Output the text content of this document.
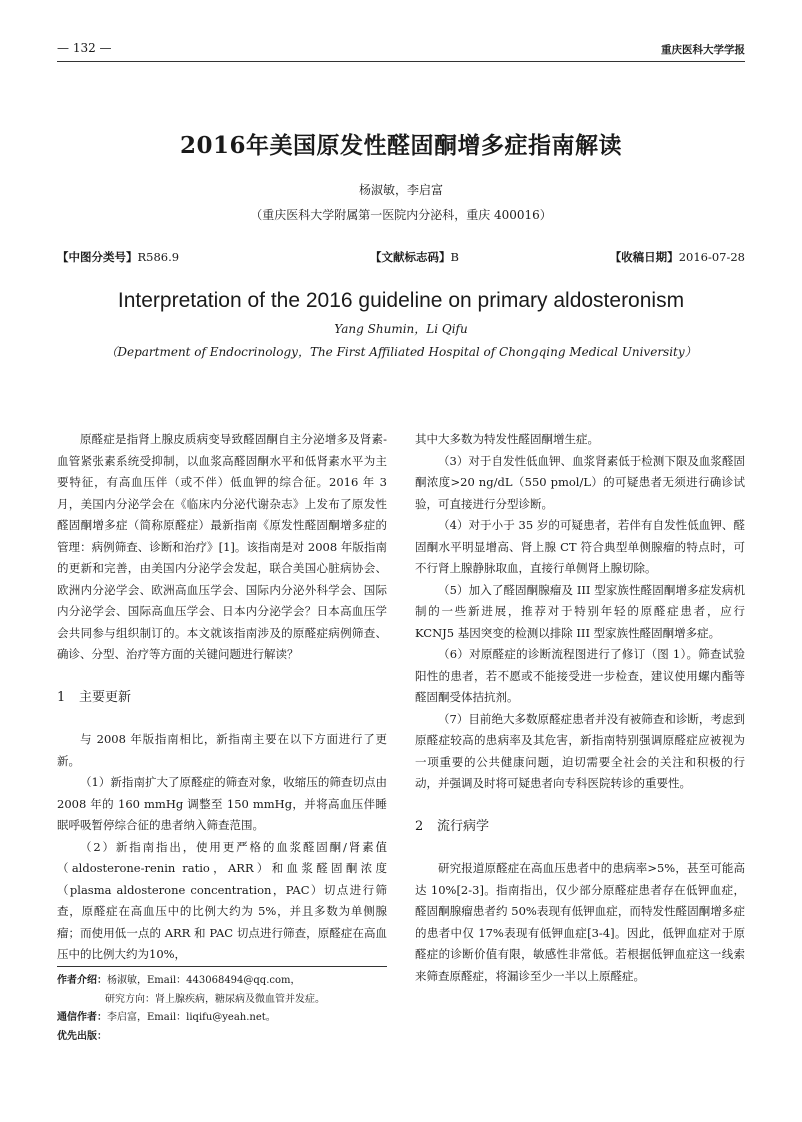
— 132 —	重庆医科大学学报
2016年美国原发性醛固酮增多症指南解读
杨淑敏，李启富
（重庆医科大学附属第一医院内分泌科，重庆 400016）
【中图分类号】R586.9	【文献标志码】B	【收稿日期】2016-07-28
Interpretation of the 2016 guideline on primary aldosteronism
Yang Shumin，Li Qifu
（Department of Endocrinology，The First Affiliated Hospital of Chongqing Medical University）

原醛症是指肾上腺皮质病变导致醛固酮自主分泌增多及肾素-血管紧张素系统受抑制，以血浆高醛固酮水平和低肾素水平为主要特征，有高血压伴（或不伴）低血钾的综合征。2016 年 3 月，美国内分泌学会在《临床内分泌代谢杂志》上发布了原发性醛固酮增多症（简称原醛症）最新指南《原发性醛固酮增多症的管理：病例筛查、诊断和治疗》[1]。该指南是对 2008 年版指南的更新和完善，由美国内分泌学会发起，联合美国心脏病协会、欧洲内分泌学会、欧洲高血压学会、国际内分泌外科学会、国际内分泌学会、国际高血压学会、日本内分泌学会？日本高血压学会共同参与组织制订的。本文就该指南涉及的原醛症病例筛查、确诊、分型、治疗等方面的关键问题进行解读？

1 主要更新

与 2008 年版指南相比，新指南主要在以下方面进行了更新。

（1）新指南扩大了原醛症的筛查对象，收缩压的筛查切点由 2008 年的 160 mmHg 调整至 150 mmHg，并将高血压伴睡眠呼吸暂停综合征的患者纳入筛查范围。

（2）新指南指出，使用更严格的血浆醛固酮/肾素值（aldosterone-renin ratio，ARR）和血浆醛固酮浓度（plasma aldosterone concentration，PAC）切点进行筛查，原醛症在高血压中的比例大约为 5%，并且多数为单侧腺瘤；而使用低一点的 ARR 和 PAC 切点进行筛查，原醛症在高血压中的比例大约为10%，

其中大多数为特发性醛固酮增生症。

（3）对于自发性低血钾、血浆肾素低于检测下限及血浆醛固酮浓度>20 ng/dL（550 pmol/L）的可疑患者无须进行确诊试验，可直接进行分型诊断。

（4）对于小于 35 岁的可疑患者，若伴有自发性低血钾、醛固酮水平明显增高、肾上腺 CT 符合典型单侧腺瘤的特点时，可不行肾上腺静脉取血，直接行单侧肾上腺切除。

（5）加入了醛固酮腺瘤及 III 型家族性醛固酮增多症发病机制的一些新进展，推荐对于特别年轻的原醛症患者，应行 KCNJ5 基因突变的检测以排除 III 型家族性醛固酮增多症。

（6）对原醛症的诊断流程图进行了修订（图 1）。筛查试验阳性的患者，若不愿或不能接受进一步检查，建议使用螺内酯等醛固酮受体拮抗剂。

（7）目前绝大多数原醛症患者并没有被筛查和诊断，考虑到原醛症较高的患病率及其危害，新指南特别强调原醛症应被视为一项重要的公共健康问题，迫切需要全社会的关注和积极的行动，并强调及时将可疑患者向专科医院转诊的重要性。

2 流行病学

研究报道原醛症在高血压患者中的患病率>5%，甚至可能高达 10%[2-3]。指南指出，仅少部分原醛症患者存在低钾血症，醛固酮腺瘤患者约 50%表现有低钾血症，而特发性醛固酮增多症的患者中仅 17%表现有低钾血症[3-4]。因此，低钾血症对于原醛症的诊断价值有限，敏感性非常低。若根据低钾血症这一线索来筛查原醛症，将漏诊至少一半以上原醛症。

作者介绍：杨淑敏，Email：443068494@qq.com，
研究方向：肾上腺疾病，糖尿病及微血管并发症。
通信作者：李启富，Email：liqifu@yeah.net。
优先出版：
